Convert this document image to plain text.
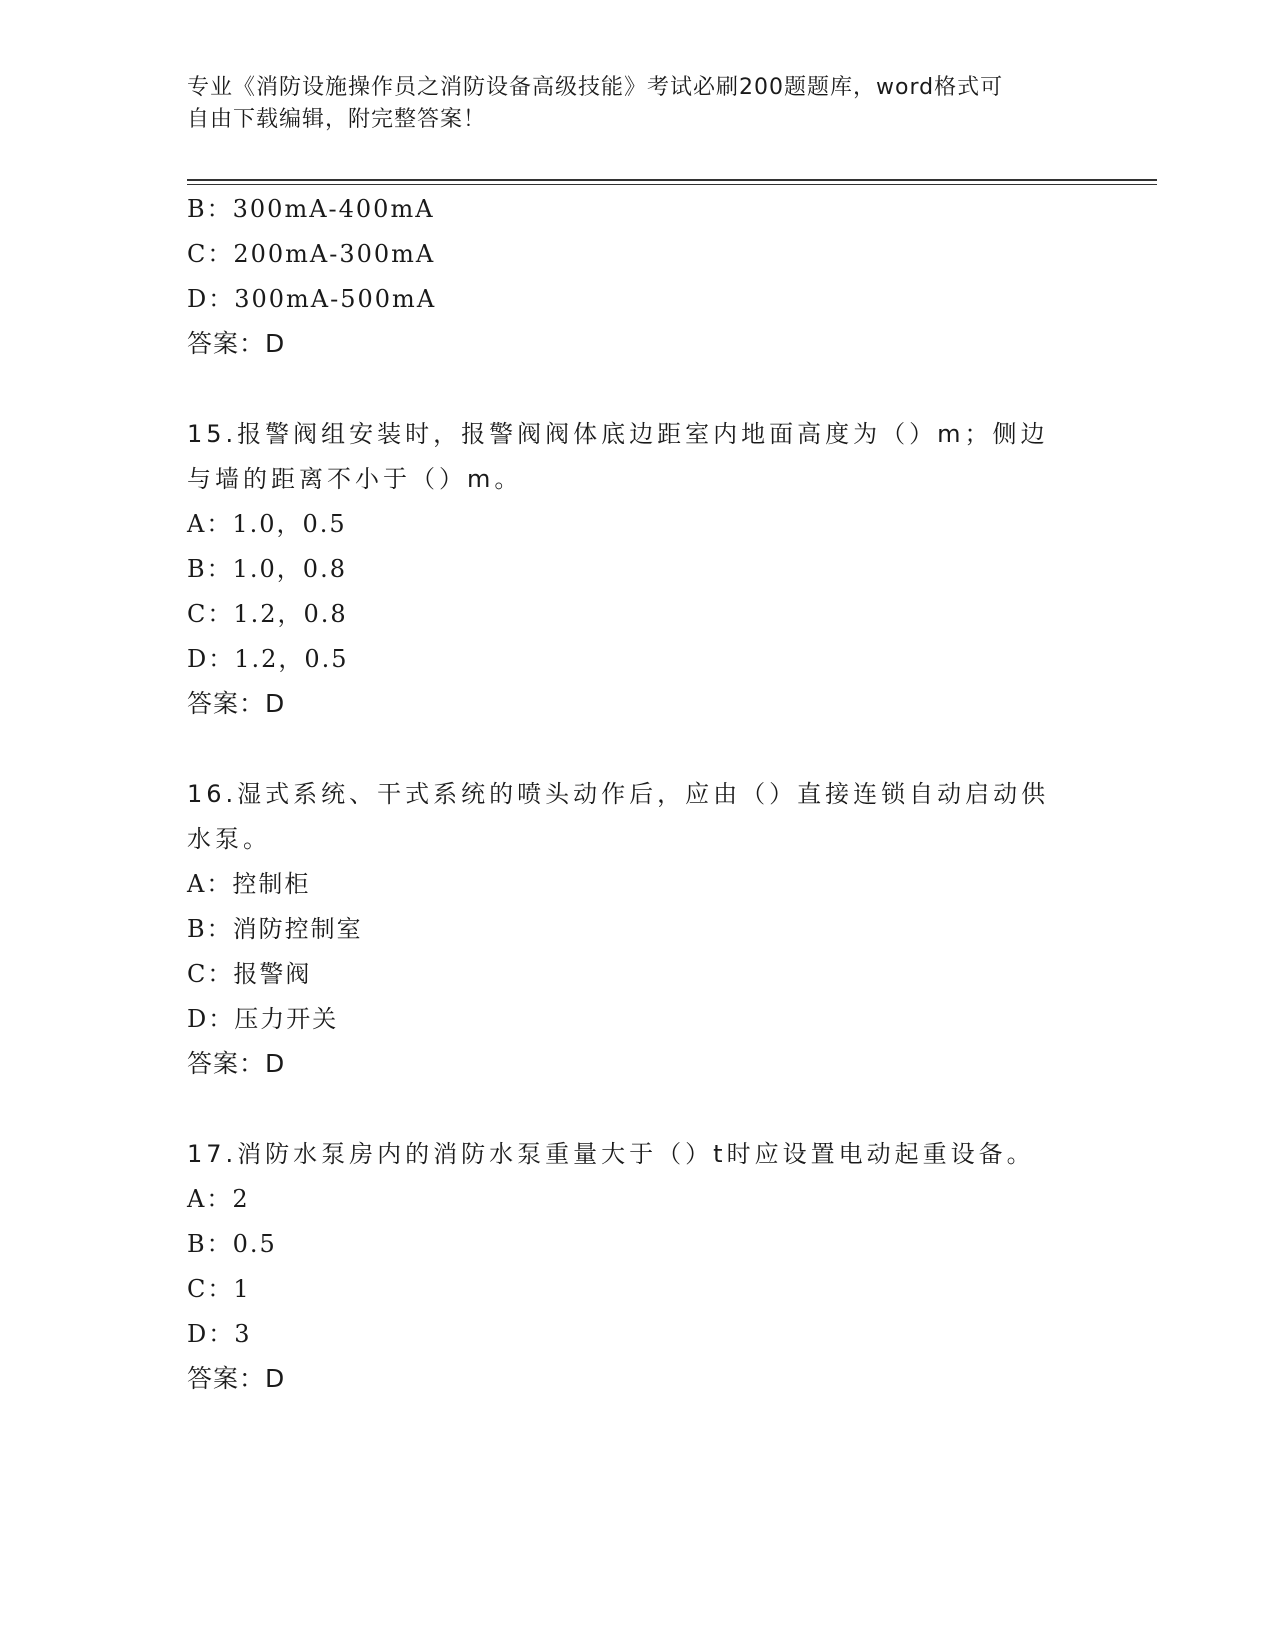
专业《消防设施操作员之消防设备高级技能》考试必刷200题题库，word格式可
自由下载编辑，附完整答案！
B：300mA-400mA
C：200mA-300mA
D：300mA-500mA
答案：D
15.报警阀组安装时，报警阀阀体底边距室内地面高度为（）m；侧边
与墙的距离不小于（）m。
A：1.0，0.5
B：1.0，0.8
C：1.2，0.8
D：1.2，0.5
答案：D
16.湿式系统、干式系统的喷头动作后，应由（）直接连锁自动启动供
水泵。
A：控制柜
B：消防控制室
C：报警阀
D：压力开关
答案：D
17.消防水泵房内的消防水泵重量大于（）t时应设置电动起重设备。
A：2
B：0.5
C：1
D：3
答案：D
